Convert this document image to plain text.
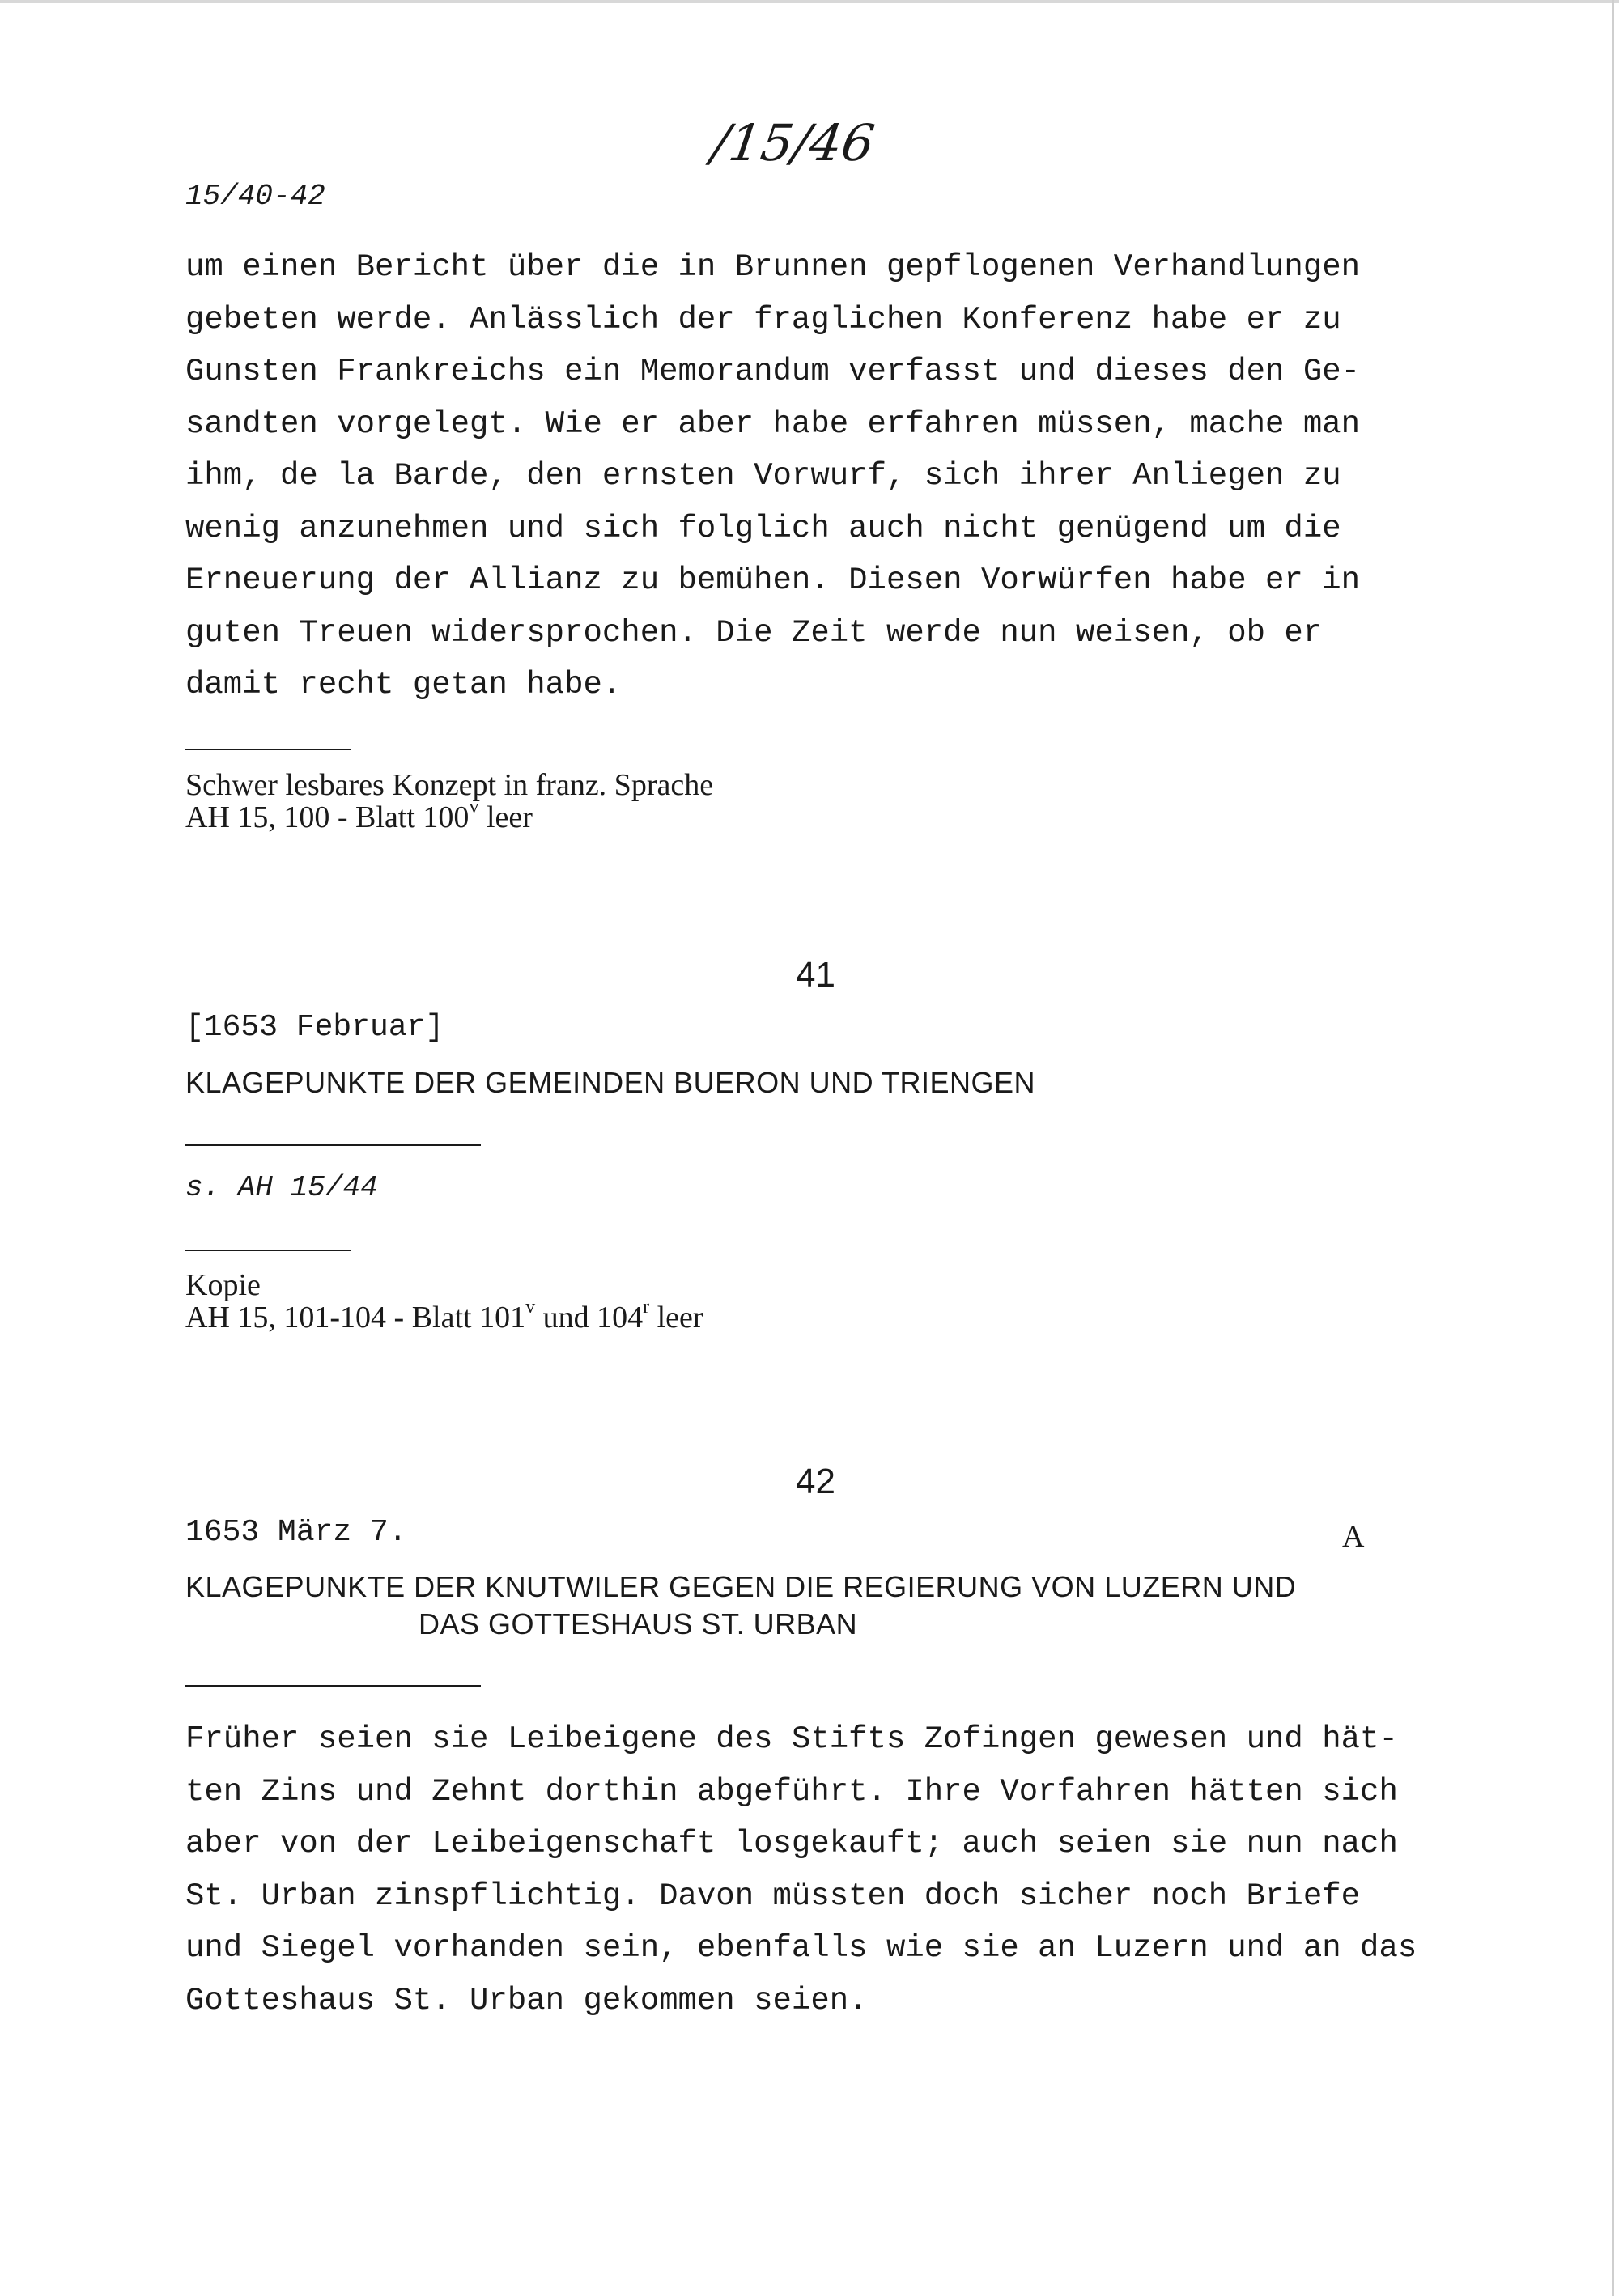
/15/46
15/40-42
um einen Bericht über die in Brunnen gepflogenen Verhandlungen
gebeten werde. Anlässlich der fraglichen Konferenz habe er zu
Gunsten Frankreichs ein Memorandum verfasst und dieses den Ge-
sandten vorgelegt. Wie er aber habe erfahren müssen, mache man
ihm, de la Barde, den ernsten Vorwurf, sich ihrer Anliegen zu
wenig anzunehmen und sich folglich auch nicht genügend um die
Erneuerung der Allianz zu bemühen. Diesen Vorwürfen habe er in
guten Treuen widersprochen. Die Zeit werde nun weisen, ob er
damit recht getan habe.
Schwer lesbares Konzept in franz. Sprache
AH 15, 100 - Blatt 100$^v$ leer
41
[1653 Februar]
KLAGEPUNKTE DER GEMEINDEN BUERON UND TRIENGEN
s. AH 15/44
Kopie
AH 15, 101-104 - Blatt 101$^v$ und 104$^r$ leer
42
1653 März 7.	A
KLAGEPUNKTE DER KNUTWILER GEGEN DIE REGIERUNG VON LUZERN UND
DAS GOTTESHAUS ST. URBAN
Früher seien sie Leibeigene des Stifts Zofingen gewesen und hät-
ten Zins und Zehnt dorthin abgeführt. Ihre Vorfahren hätten sich
aber von der Leibeigenschaft losgekauft; auch seien sie nun nach
St. Urban zinspflichtig. Davon müssten doch sicher noch Briefe
und Siegel vorhanden sein, ebenfalls wie sie an Luzern und an das
Gotteshaus St. Urban gekommen seien.
